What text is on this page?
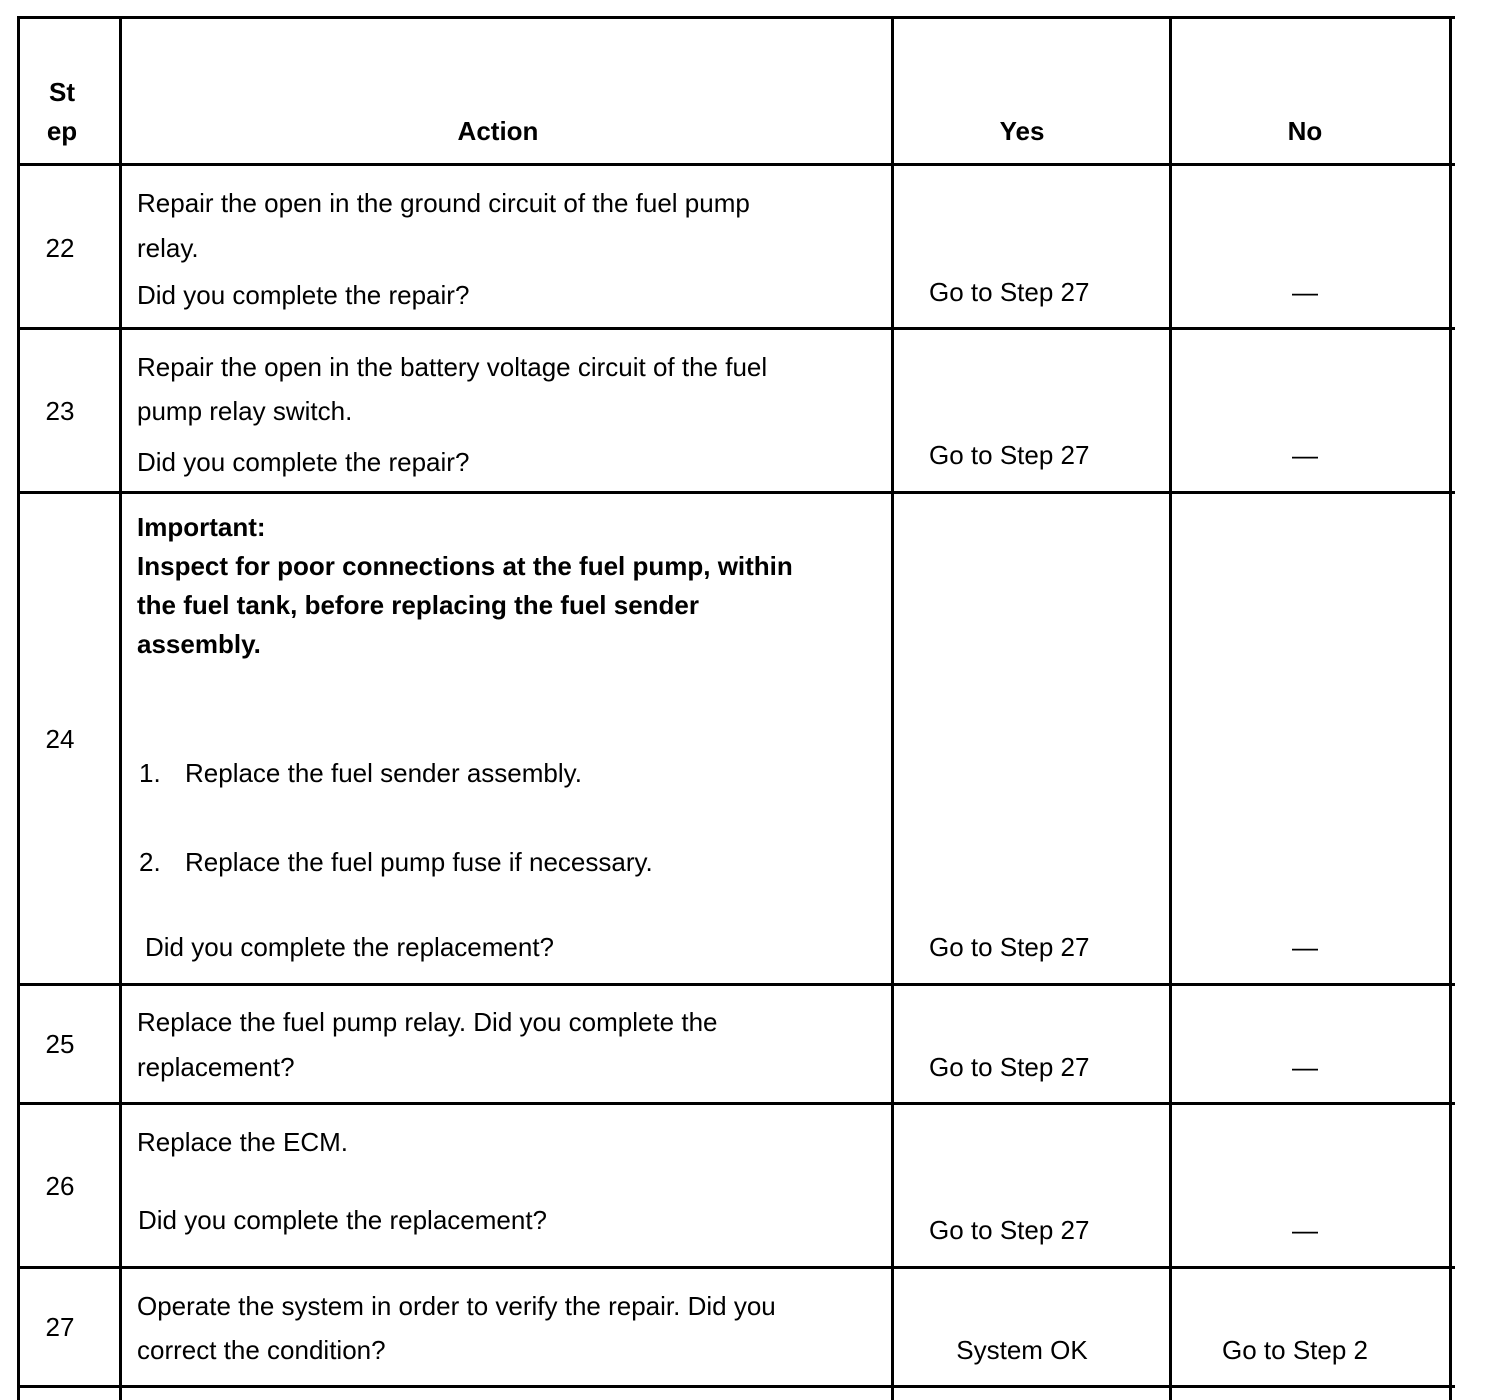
St
ep	Action	Yes	No
22
Repair the open in the ground circuit of the fuel pump
relay.
Did you complete the repair?	Go to Step 27	—
23
Repair the open in the battery voltage circuit of the fuel
pump relay switch.
Did you complete the repair?	Go to Step 27	—
24
Important:
Inspect for poor connections at the fuel pump, within
the fuel tank, before replacing the fuel sender
assembly.
1. Replace the fuel sender assembly.
2. Replace the fuel pump fuse if necessary.
Did you complete the replacement?	Go to Step 27	—
25
Replace the fuel pump relay. Did you complete the
replacement?	Go to Step 27	—
26
Replace the ECM.
Did you complete the replacement?	Go to Step 27	—
27
Operate the system in order to verify the repair. Did you
correct the condition?	System OK	Go to Step 2
